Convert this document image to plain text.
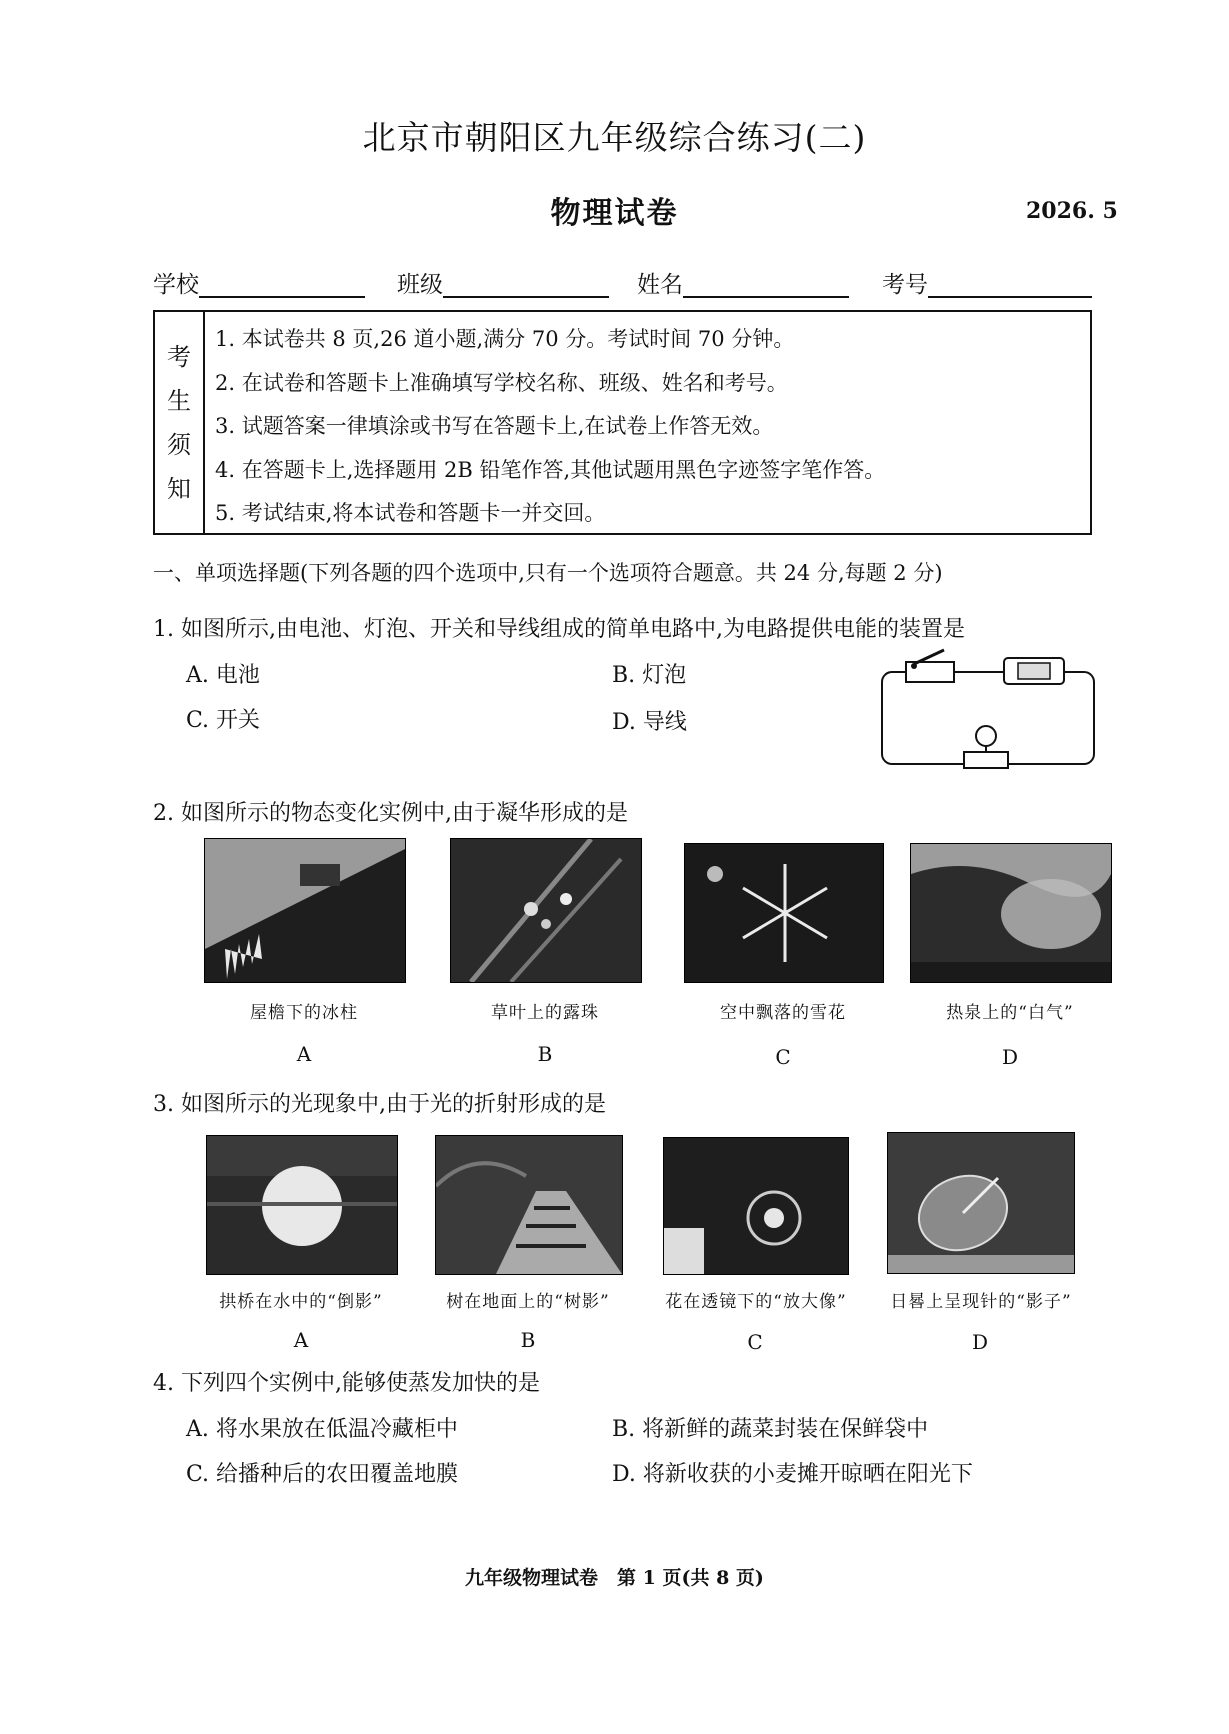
北京市朝阳区九年级综合练习(二)
物理试卷	2026. 5
学校	班级	姓名	考号
考
生
须
知
1. 本试卷共 8 页,26 道小题,满分 70 分。考试时间 70 分钟。
2. 在试卷和答题卡上准确填写学校名称、班级、姓名和考号。
3. 试题答案一律填涂或书写在答题卡上,在试卷上作答无效。
4. 在答题卡上,选择题用 2B 铅笔作答,其他试题用黑色字迹签字笔作答。
5. 考试结束,将本试卷和答题卡一并交回。
一、单项选择题(下列各题的四个选项中,只有一个选项符合题意。共 24 分,每题 2 分)
1. 如图所示,由电池、灯泡、开关和导线组成的简单电路中,为电路提供电能的装置是
A. 电池	B. 灯泡
C. 开关	D. 导线
2. 如图所示的物态变化实例中,由于凝华形成的是
屋檐下的冰柱	草叶上的露珠	空中飘落的雪花	热泉上的“白气”
A	B	C	D
3. 如图所示的光现象中,由于光的折射形成的是
拱桥在水中的“倒影”	树在地面上的“树影”	花在透镜下的“放大像”	日晷上呈现针的“影子”
A	B	C	D
4. 下列四个实例中,能够使蒸发加快的是
A. 将水果放在低温冷藏柜中	B. 将新鲜的蔬菜封装在保鲜袋中
C. 给播种后的农田覆盖地膜	D. 将新收获的小麦摊开晾晒在阳光下
九年级物理试卷　第 1 页(共 8 页)
